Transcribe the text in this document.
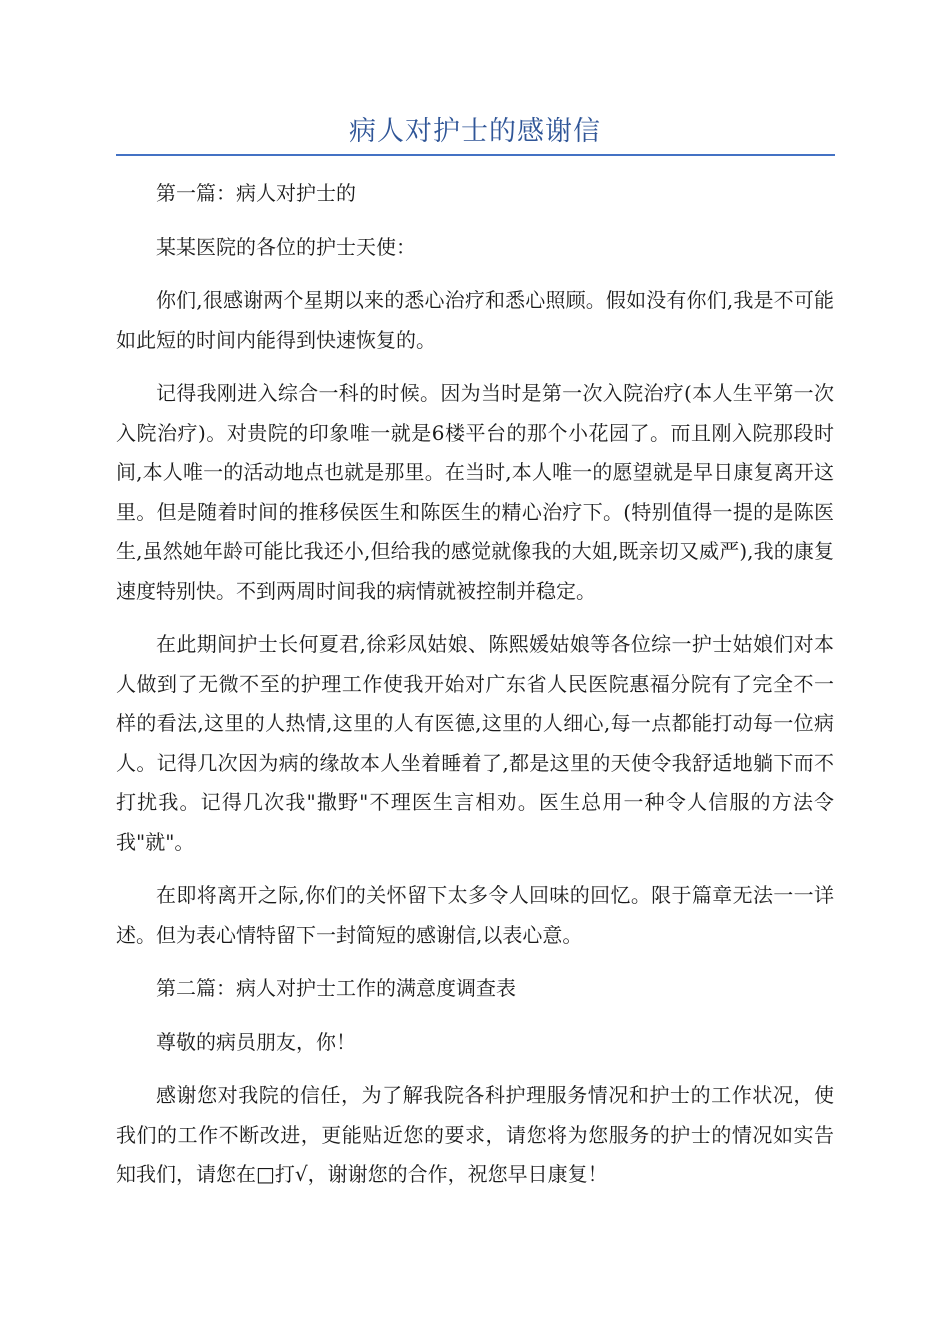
病人对护士的感谢信

第一篇：病人对护士的

某某医院的各位的护士天使：

你们,很感谢两个星期以来的悉心治疗和悉心照顾。假如没有你们,我是不可能如此短的时间内能得到快速恢复的。

记得我刚进入综合一科的时候。因为当时是第一次入院治疗(本人生平第一次入院治疗)。对贵院的印象唯一就是6楼平台的那个小花园了。而且刚入院那段时间,本人唯一的活动地点也就是那里。在当时,本人唯一的愿望就是早日康复离开这里。但是随着时间的推移侯医生和陈医生的精心治疗下。(特别值得一提的是陈医生,虽然她年龄可能比我还小,但给我的感觉就像我的大姐,既亲切又威严),我的康复速度特别快。不到两周时间我的病情就被控制并稳定。

在此期间护士长何夏君,徐彩凤姑娘、陈熙媛姑娘等各位综一护士姑娘们对本人做到了无微不至的护理工作使我开始对广东省人民医院惠福分院有了完全不一样的看法,这里的人热情,这里的人有医德,这里的人细心,每一点都能打动每一位病人。记得几次因为病的缘故本人坐着睡着了,都是这里的天使令我舒适地躺下而不打扰我。记得几次我"撒野"不理医生言相劝。医生总用一种令人信服的方法令我"就"。

在即将离开之际,你们的关怀留下太多令人回味的回忆。限于篇章无法一一详述。但为表心情特留下一封简短的感谢信,以表心意。

第二篇：病人对护士工作的满意度调查表

尊敬的病员朋友，你！

感谢您对我院的信任，为了解我院各科护理服务情况和护士的工作状况，使我们的工作不断改进，更能贴近您的要求，请您将为您服务的护士的情况如实告知我们，请您在□打√，谢谢您的合作，祝您早日康复！
